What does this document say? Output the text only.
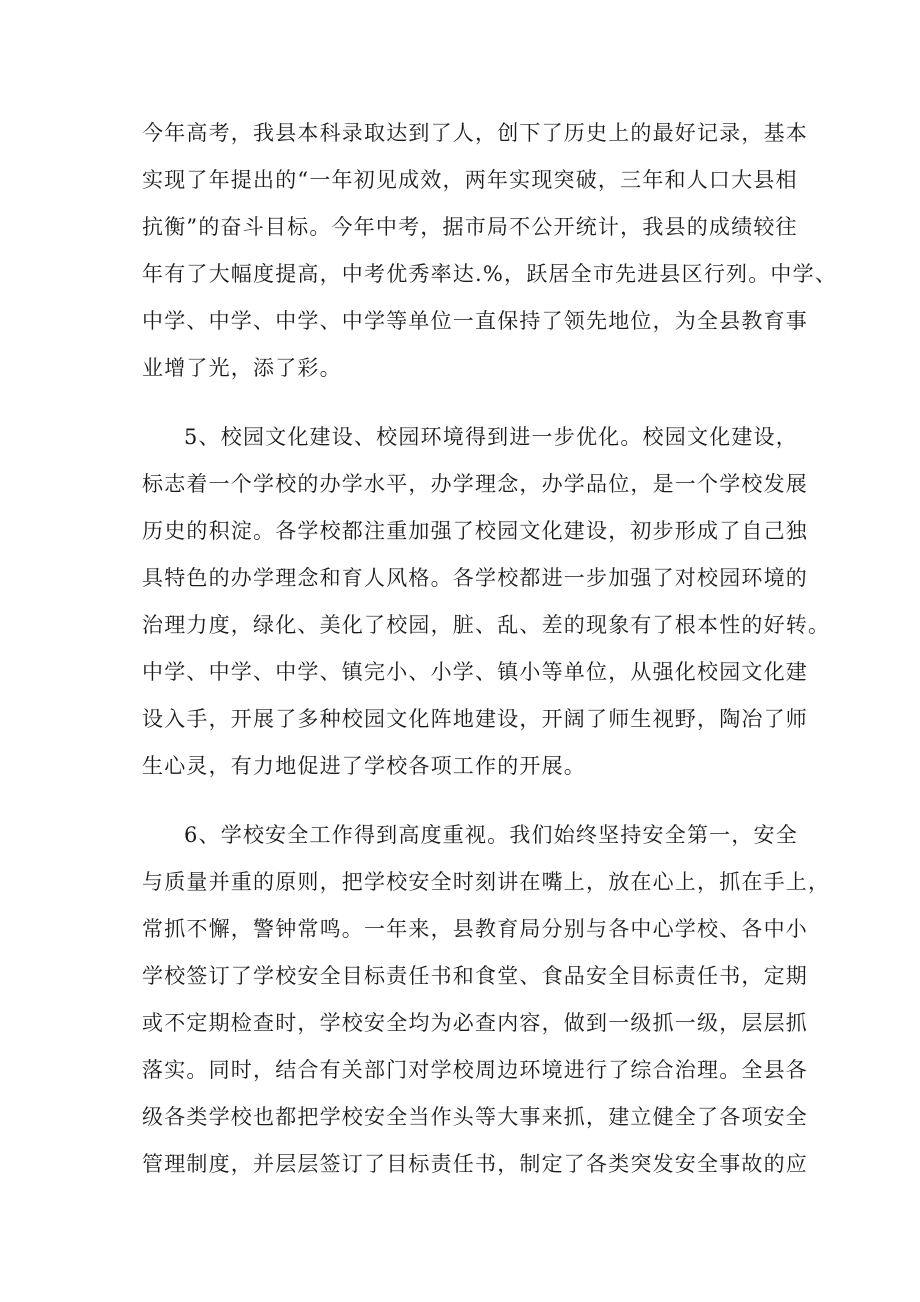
今年高考，我县本科录取达到了人，创下了历史上的最好记录，基本
实现了年提出的“一年初见成效，两年实现突破，三年和人口大县相
抗衡”的奋斗目标。今年中考，据市局不公开统计，我县的成绩较往
年有了大幅度提高，中考优秀率达.%，跃居全市先进县区行列。中学、
中学、中学、中学、中学等单位一直保持了领先地位，为全县教育事
业增了光，添了彩。
5、校园文化建设、校园环境得到进一步优化。校园文化建设，
标志着一个学校的办学水平，办学理念，办学品位，是一个学校发展
历史的积淀。各学校都注重加强了校园文化建设，初步形成了自己独
具特色的办学理念和育人风格。各学校都进一步加强了对校园环境的
治理力度，绿化、美化了校园，脏、乱、差的现象有了根本性的好转。
中学、中学、中学、镇完小、小学、镇小等单位，从强化校园文化建
设入手，开展了多种校园文化阵地建设，开阔了师生视野，陶冶了师
生心灵，有力地促进了学校各项工作的开展。
6、学校安全工作得到高度重视。我们始终坚持安全第一，安全
与质量并重的原则，把学校安全时刻讲在嘴上，放在心上，抓在手上，
常抓不懈，警钟常鸣。一年来，县教育局分别与各中心学校、各中小
学校签订了学校安全目标责任书和食堂、食品安全目标责任书，定期
或不定期检查时，学校安全均为必查内容，做到一级抓一级，层层抓
落实。同时，结合有关部门对学校周边环境进行了综合治理。全县各
级各类学校也都把学校安全当作头等大事来抓，建立健全了各项安全
管理制度，并层层签订了目标责任书，制定了各类突发安全事故的应
